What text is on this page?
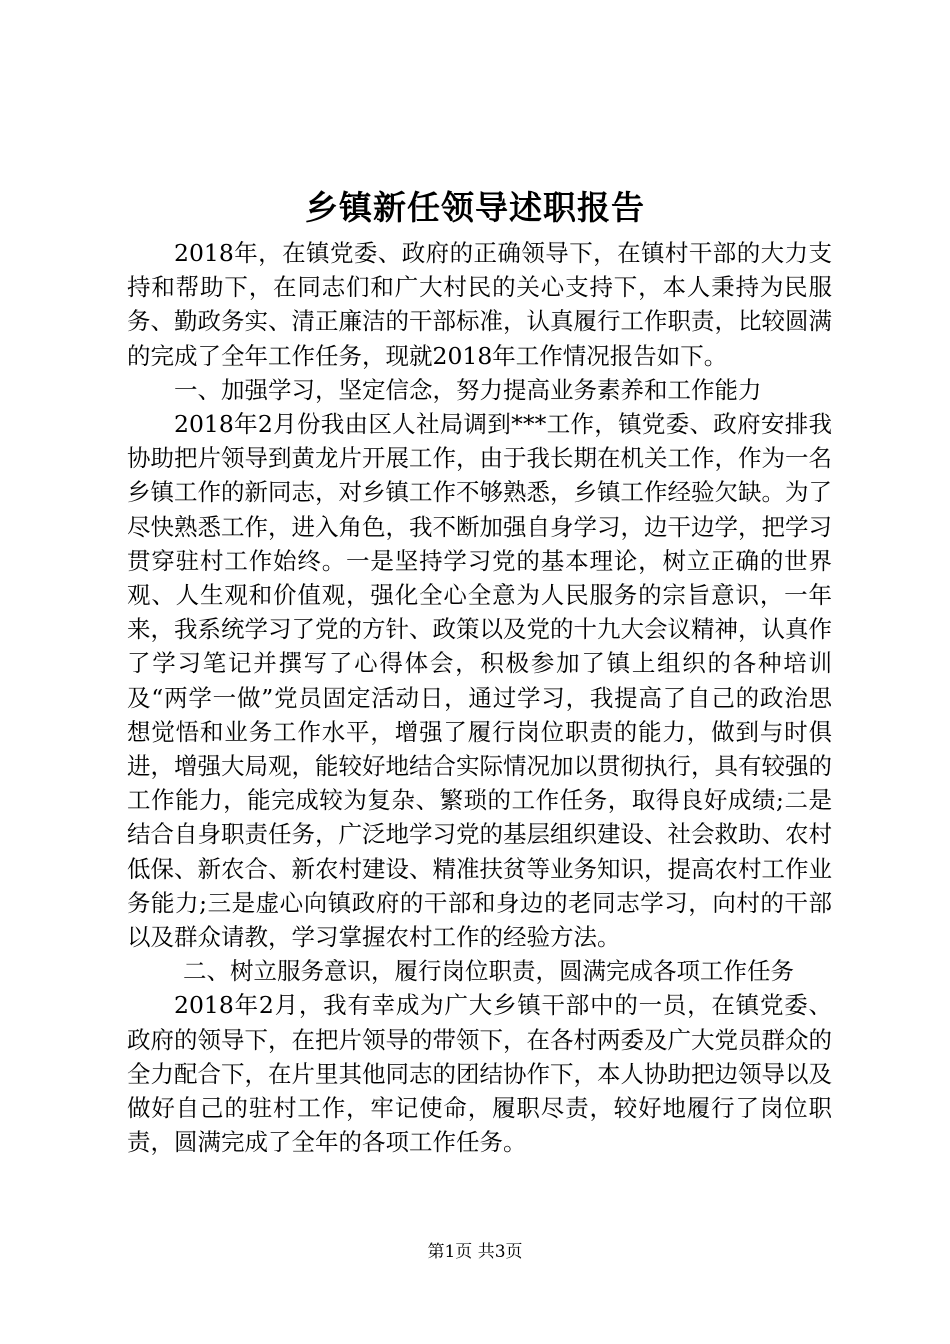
乡镇新任领导述职报告

2018年，在镇党委、政府的正确领导下，在镇村干部的大力支持和帮助下，在同志们和广大村民的关心支持下，本人秉持为民服务、勤政务实、清正廉洁的干部标准，认真履行工作职责，比较圆满的完成了全年工作任务，现就2018年工作情况报告如下。

一、加强学习，坚定信念，努力提高业务素养和工作能力

2018年2月份我由区人社局调到***工作，镇党委、政府安排我协助把片领导到黄龙片开展工作，由于我长期在机关工作，作为一名乡镇工作的新同志，对乡镇工作不够熟悉，乡镇工作经验欠缺。为了尽快熟悉工作，进入角色，我不断加强自身学习，边干边学，把学习贯穿驻村工作始终。一是坚持学习党的基本理论，树立正确的世界观、人生观和价值观，强化全心全意为人民服务的宗旨意识，一年来，我系统学习了党的方针、政策以及党的十九大会议精神，认真作了学习笔记并撰写了心得体会，积极参加了镇上组织的各种培训及“两学一做”党员固定活动日，通过学习，我提高了自己的政治思想觉悟和业务工作水平，增强了履行岗位职责的能力，做到与时俱进，增强大局观，能较好地结合实际情况加以贯彻执行，具有较强的工作能力，能完成较为复杂、繁琐的工作任务，取得良好成绩;二是结合自身职责任务，广泛地学习党的基层组织建设、社会救助、农村低保、新农合、新农村建设、精准扶贫等业务知识，提高农村工作业务能力;三是虚心向镇政府的干部和身边的老同志学习，向村的干部以及群众请教，学习掌握农村工作的经验方法。

二、树立服务意识，履行岗位职责，圆满完成各项工作任务

2018年2月，我有幸成为广大乡镇干部中的一员，在镇党委、政府的领导下，在把片领导的带领下，在各村两委及广大党员群众的全力配合下，在片里其他同志的团结协作下，本人协助把边领导以及做好自己的驻村工作，牢记使命，履职尽责，较好地履行了岗位职责，圆满完成了全年的各项工作任务。

第1页 共3页
